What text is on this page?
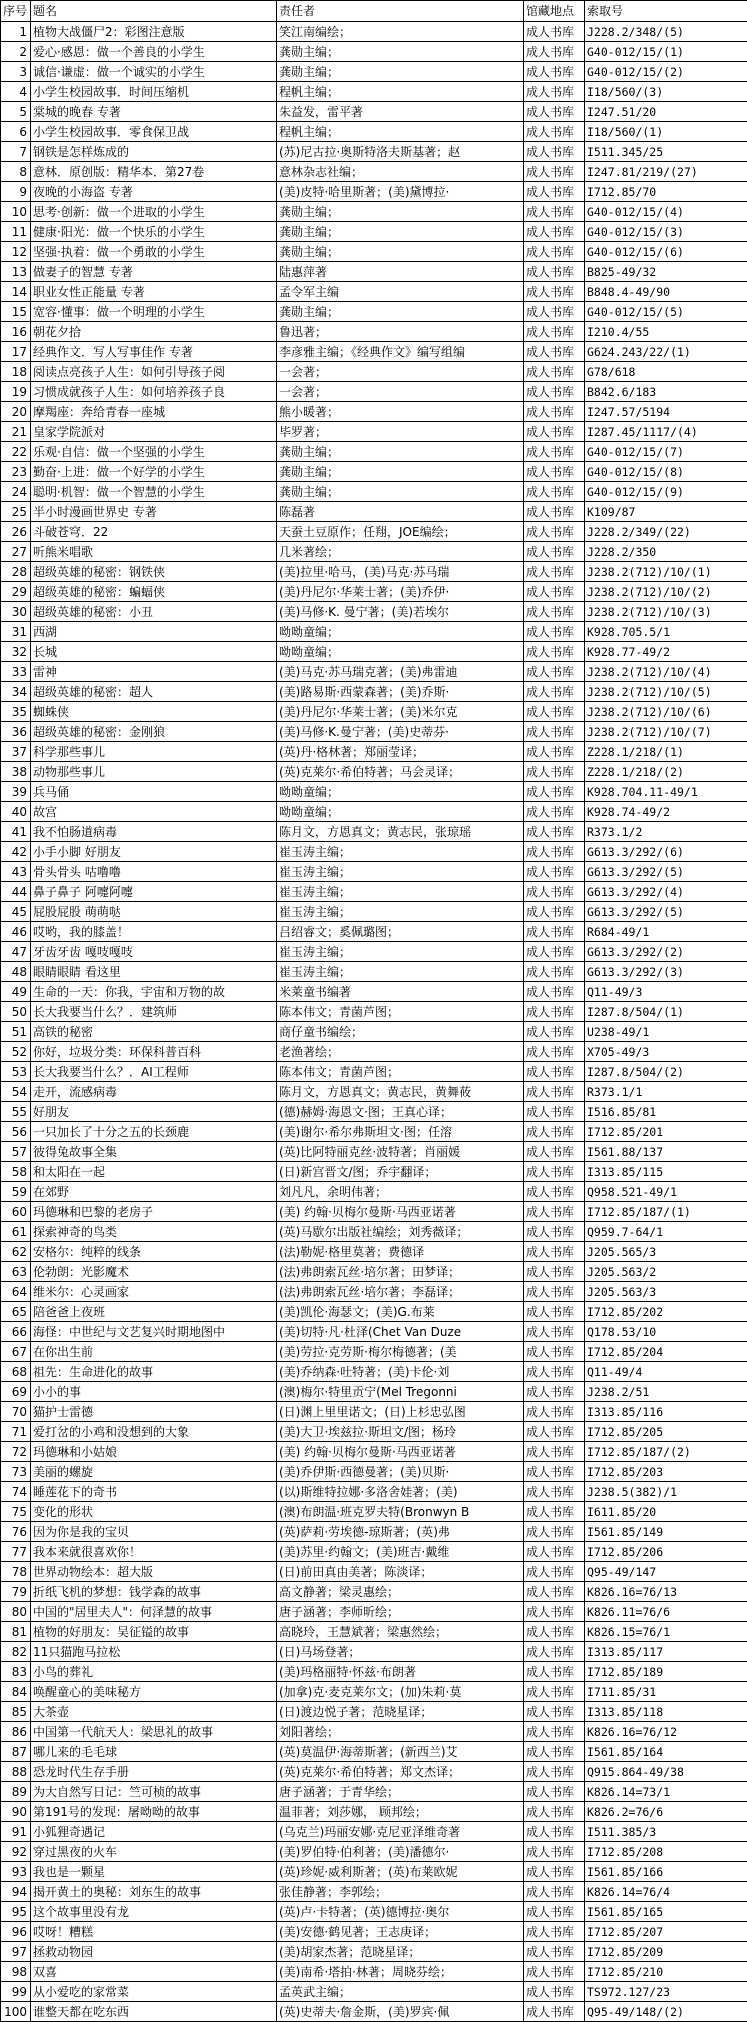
序号	题名	责任者	馆藏地点	索取号
1	植物大战僵尸2：彩图注意版	笑江南编绘；	成人书库	J228.2/348/(5)
2	爱心·感恩：做一个善良的小学生	龚勋主编；	成人书库	G40-012/15/(1)
3	诚信·谦虚：做一个诚实的小学生	龚勋主编；	成人书库	G40-012/15/(2)
4	小学生校园故事．时间压缩机	程帆主编；	成人书库	I18/560/(3)
5	棠城的晚春 专著	朱益发，雷平著	成人书库	I247.51/20
6	小学生校园故事．零食保卫战	程帆主编；	成人书库	I18/560/(1)
7	钢铁是怎样炼成的	(苏)尼古拉·奥斯特洛夫斯基著；赵	成人书库	I511.345/25
8	意林．原创版：精华本．第27卷	意林杂志社编；	成人书库	I247.81/219/(27)
9	夜晚的小海盗 专著	(美)皮特·哈里斯著；(美)黛博拉·	成人书库	I712.85/70
10	思考·创新：做一个进取的小学生	龚勋主编；	成人书库	G40-012/15/(4)
11	健康·阳光：做一个快乐的小学生	龚勋主编；	成人书库	G40-012/15/(3)
12	坚强·执着：做一个勇敢的小学生	龚勋主编；	成人书库	G40-012/15/(6)
13	做妻子的智慧 专著	陆惠萍著	成人书库	B825-49/32
14	职业女性正能量 专著	孟令军主编	成人书库	B848.4-49/90
15	宽容·懂事：做一个明理的小学生	龚勋主编；	成人书库	G40-012/15/(5)
16	朝花夕拾	鲁迅著；	成人书库	I210.4/55
17	经典作文．写人写事佳作 专著	李彦雅主编；《经典作文》编写组编	成人书库	G624.243/22/(1)
18	阅读点亮孩子人生：如何引导孩子阅	一会著；	成人书库	G78/618
19	习惯成就孩子人生：如何培养孩子良	一会著；	成人书库	B842.6/183
20	摩羯座：奔给青春一座城	熊小暖著；	成人书库	I247.57/5194
21	皇家学院派对	毕罗著；	成人书库	I287.45/1117/(4)
22	乐观·自信：做一个坚强的小学生	龚勋主编；	成人书库	G40-012/15/(7)
23	勤奋·上进：做一个好学的小学生	龚勋主编；	成人书库	G40-012/15/(8)
24	聪明·机智：做一个智慧的小学生	龚勋主编；	成人书库	G40-012/15/(9)
25	半小时漫画世界史 专著	陈磊著	成人书库	K109/87
26	斗破苍穹．22	天蚕土豆原作；任翔，JOE编绘；	成人书库	J228.2/349/(22)
27	听熊米唱歌	几米著绘；	成人书库	J228.2/350
28	超级英雄的秘密：钢铁侠	(美)拉里·哈马，(美)马克·苏马瑞	成人书库	J238.2(712)/10/(1)
29	超级英雄的秘密：蝙蝠侠	(美)丹尼尔·华莱士著；(美)乔伊·	成人书库	J238.2(712)/10/(2)
30	超级英雄的秘密：小丑	(美)马修·K. 曼宁著；(美)若埃尔	成人书库	J238.2(712)/10/(3)
31	西湖	呦呦童编；	成人书库	K928.705.5/1
32	长城	呦呦童编；	成人书库	K928.77-49/2
33	雷神	(美)马克·苏马瑞克著；(美)弗雷迪	成人书库	J238.2(712)/10/(4)
34	超级英雄的秘密：超人	(美)路易斯·西蒙森著；(美)乔斯·	成人书库	J238.2(712)/10/(5)
35	蜘蛛侠	(美)丹尼尔·华莱士著；(美)米尔克	成人书库	J238.2(712)/10/(6)
36	超级英雄的秘密：金刚狼	(美)马修·K.曼宁著；(美)史蒂芬·	成人书库	J238.2(712)/10/(7)
37	科学那些事儿	(英)丹·格林著；郑丽莹译；	成人书库	Z228.1/218/(1)
38	动物那些事儿	(英)克莱尔·希伯特著；马会灵译；	成人书库	Z228.1/218/(2)
39	兵马俑	呦呦童编；	成人书库	K928.704.11-49/1
40	故宫	呦呦童编；	成人书库	K928.74-49/2
41	我不怕肠道病毒	陈月文，方恩真文；黄志民，张琼瑶	成人书库	R373.1/2
42	小手小脚 好朋友	崔玉涛主编；	成人书库	G613.3/292/(6)
43	骨头骨头 咕噜噜	崔玉涛主编；	成人书库	G613.3/292/(5)
44	鼻子鼻子 阿嚏阿嚏	崔玉涛主编；	成人书库	G613.3/292/(4)
45	屁股屁股 萌萌哒	崔玉涛主编；	成人书库	G613.3/292/(5)
46	哎哟，我的膝盖！	吕绍睿文；奚佩璐图；	成人书库	R684-49/1
47	牙齿牙齿 嘎吱嘎吱	崔玉涛主编；	成人书库	G613.3/292/(2)
48	眼睛眼睛 看这里	崔玉涛主编；	成人书库	G613.3/292/(3)
49	生命的一天：你我，宇宙和万物的故	米莱童书编著	成人书库	Q11-49/3
50	长大我要当什么？．建筑师	陈本伟文；青菌芦图；	成人书库	I287.8/504/(1)
51	高铁的秘密	商仔童书编绘；	成人书库	U238-49/1
52	你好，垃圾分类：环保科普百科	老渔著绘；	成人书库	X705-49/3
53	长大我要当什么？．AI工程师	陈本伟文；青菌芦图；	成人书库	I287.8/504/(2)
54	走开，流感病毒	陈月文，方恩真文；黄志民，黄舞莜	成人书库	R373.1/1
55	好朋友	(德)赫姆·海恩文·图；王真心译；	成人书库	I516.85/81
56	一只加长了十分之五的长颈鹿	(美)谢尔·希尔弗斯坦文·图；任溶	成人书库	I712.85/201
57	彼得兔故事全集	(英)比阿特丽克丝·波特著；肖丽媛	成人书库	I561.88/137
58	和太阳在一起	(日)新宫晋文/图；乔宇翻译；	成人书库	I313.85/115
59	在郊野	刘凡凡，余明伟著；	成人书库	Q958.521-49/1
60	玛德琳和巴黎的老房子	(美) 约翰·贝梅尔曼斯·马西亚诺著	成人书库	I712.85/187/(1)
61	探索神奇的鸟类	(英)马歇尔出版社编绘；刘秀薇译；	成人书库	Q959.7-64/1
62	安格尔：纯粹的线条	(法)勒妮·格里莫著；费德译	成人书库	J205.565/3
63	伦勃朗：光影魔术	(法)弗朗索瓦丝·培尔著；田梦译；	成人书库	J205.563/2
64	维米尔：心灵画家	(法)弗朗索瓦丝·培尔著；李磊译；	成人书库	J205.563/3
65	陪爸爸上夜班	(美)凯伦·海瑟文；(美)G.布莱	成人书库	I712.85/202
66	海怪：中世纪与文艺复兴时期地图中	(美)切特·凡·杜泽(Chet Van Duze	成人书库	Q178.53/10
67	在你出生前	(美)劳拉·克劳斯·梅尔梅德著；(美	成人书库	I712.85/204
68	祖先：生命进化的故事	(美)乔纳森·吐特著；(美)卡伦·刘	成人书库	Q11-49/4
69	小小的事	(澳)梅尔·特里贡宁(Mel Tregonni	成人书库	J238.2/51
70	猫护士雷德	(日)渊上里里诺文；(日)上杉忠弘图	成人书库	I313.85/116
71	爱打岔的小鸡和没想到的大象	(美)大卫·埃兹拉·斯坦文/图；杨玲	成人书库	I712.85/205
72	玛德琳和小姑娘	(美) 约翰·贝梅尔曼斯·马西亚诺著	成人书库	I712.85/187/(2)
73	美丽的螺旋	(美)乔伊斯·西德曼著；(美)贝斯·	成人书库	I712.85/203
74	睡莲花下的奇书	(以)斯维特拉娜·多洛舍娃著；(美)	成人书库	J238.5(382)/1
75	变化的形状	(澳)布朗温·班克罗夫特(Bronwyn B	成人书库	I611.85/20
76	因为你是我的宝贝	(英)萨莉·劳埃德-琼斯著；(英)弗	成人书库	I561.85/149
77	我本来就很喜欢你！	(美)苏里·约翰文；(美)班吉·戴维	成人书库	I712.85/206
78	世界动物绘本：超大版	(日)前田真由美著；陈淡译；	成人书库	Q95-49/147
79	折纸飞机的梦想：钱学森的故事	高文静著；梁灵惠绘；	成人书库	K826.16=76/13
80	中国的"居里夫人"：何泽慧的故事	唐子涵著；李师昕绘；	成人书库	K826.11=76/6
81	植物的好朋友：吴征镒的故事	高晓玲，王慧斌著；梁惠然绘；	成人书库	K826.15=76/1
82	11只猫跑马拉松	(日)马场登著；	成人书库	I313.85/117
83	小鸟的葬礼	(美)玛格丽特·怀兹·布朗著	成人书库	I712.85/189
84	唤醒童心的美味秘方	(加拿)克·麦克莱尔文；(加)朱莉·莫	成人书库	I711.85/31
85	大茶壶	(日)渡边悦子著；范晓星译；	成人书库	I313.85/118
86	中国第一代航天人：梁思礼的故事	刘阳著绘；	成人书库	K826.16=76/12
87	哪儿来的毛毛球	(英)莫温伊·海蒂斯著；(新西兰)艾	成人书库	I561.85/164
88	恐龙时代生存手册	(英)克莱尔·希伯特著；郑文杰译；	成人书库	Q915.864-49/38
89	为大自然写日记：竺可桢的故事	唐子涵著；于青华绘；	成人书库	K826.14=73/1
90	第191号的发现：屠呦呦的故事	温菲著；刘莎娜， 顾邦绘；	成人书库	K826.2=76/6
91	小狐狸奇遇记	(乌克兰)玛丽安娜·克尼亚泽维奇著	成人书库	I511.385/3
92	穿过黑夜的火车	(美)罗伯特·伯利著；(美)潘德尔·	成人书库	I712.85/208
93	我也是一颗星	(英)珍妮·威利斯著；(英)布莱欧妮	成人书库	I561.85/166
94	揭开黄土的奥秘：刘东生的故事	张佳静著；李郭绘；	成人书库	K826.14=76/4
95	这个故事里没有龙	(英)卢·卡特著；(英)德博拉·奥尔	成人书库	I561.85/165
96	哎呀！糟糕	(美)安德·鹤见著；王志庚译；	成人书库	I712.85/207
97	拯救动物园	(美)胡家杰著；范晓星译；	成人书库	I712.85/209
98	双喜	(美)南希·塔拍·林著；周晓芬绘；	成人书库	I712.85/210
99	从小爱吃的家常菜	孟英武主编；	成人书库	TS972.127/23
100	谁整天都在吃东西	(英)史蒂夫·詹金斯，(美)罗宾·佩	成人书库	Q95-49/148/(2)
